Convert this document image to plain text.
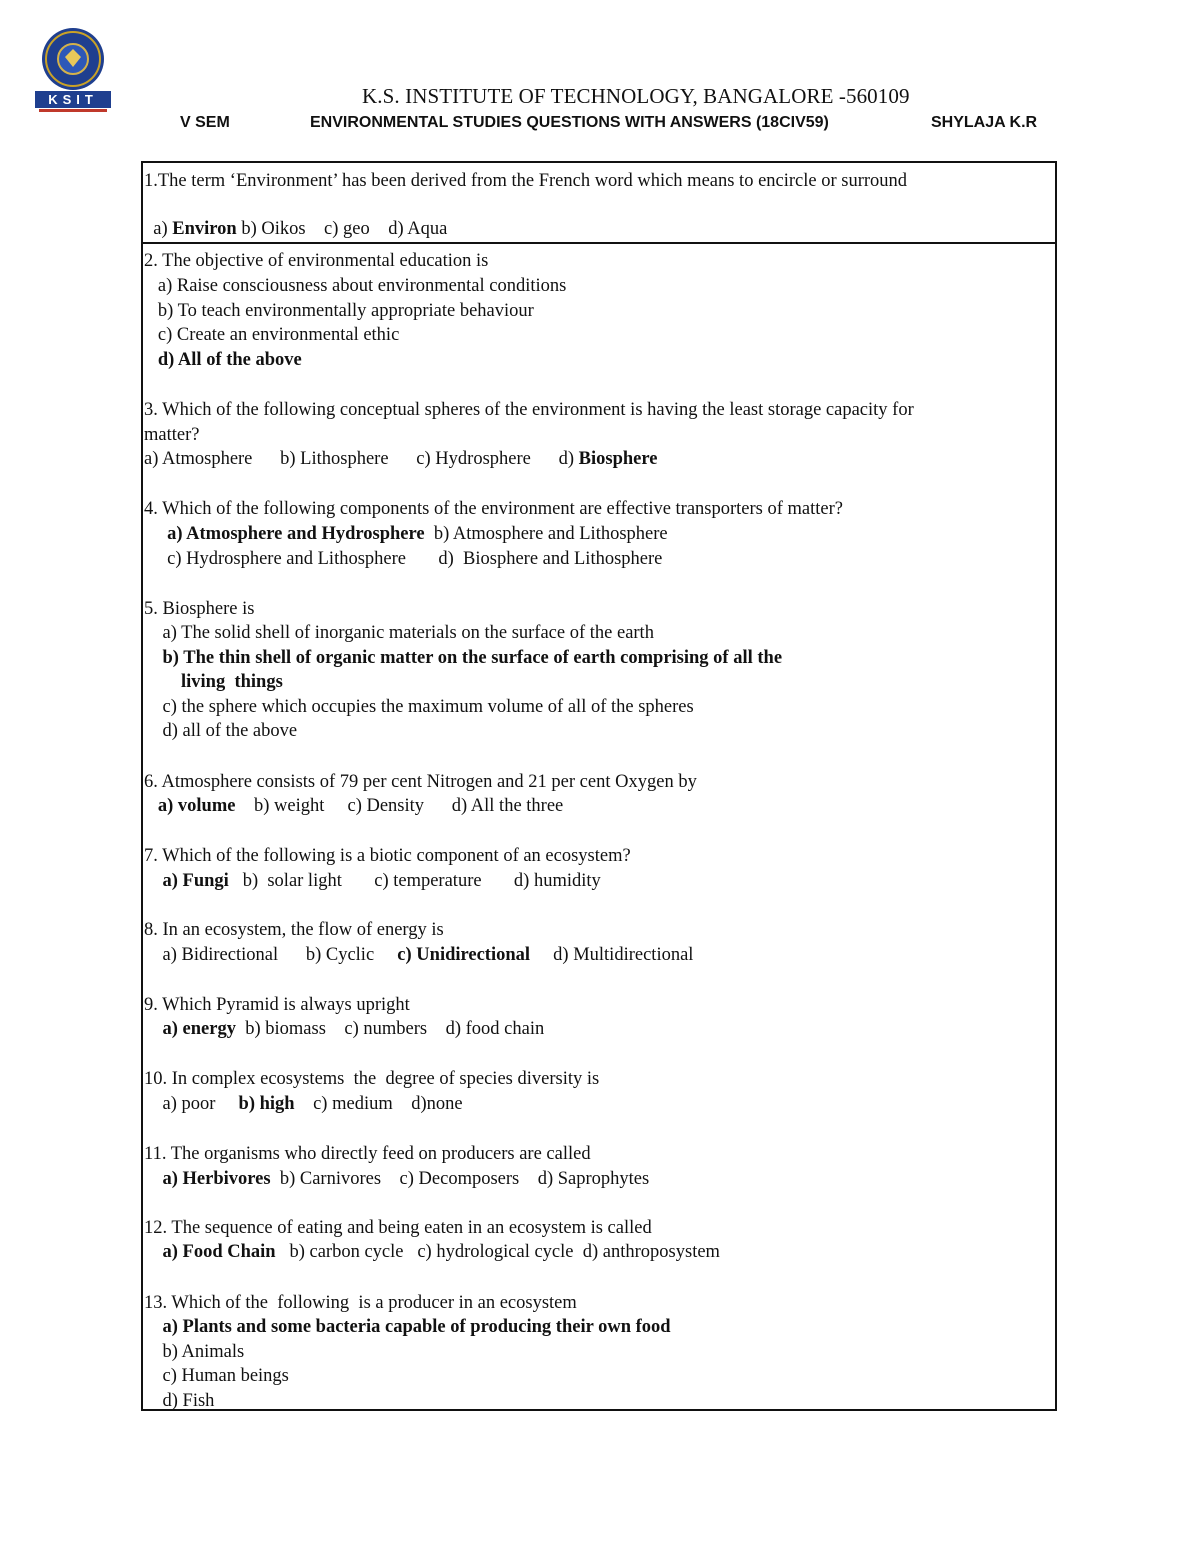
KSIT	K.S. INSTITUTE OF TECHNOLOGY, BANGALORE -560109
V SEM	ENVIRONMENTAL STUDIES QUESTIONS WITH ANSWERS (18CIV59)	SHYLAJA K.R
1.The term ‘Environment’ has been derived from the French word which means to encircle or surround
a) Environ b) Oikos    c) geo    d) Aqua
2. The objective of environmental education is
a) Raise consciousness about environmental conditions
b) To teach environmentally appropriate behaviour
c) Create an environmental ethic
d) All of the above
3. Which of the following conceptual spheres of the environment is having the least storage capacity for
matter?
a) Atmosphere      b) Lithosphere      c) Hydrosphere      d) Biosphere
4. Which of the following components of the environment are effective transporters of matter?
a) Atmosphere and Hydrosphere  b) Atmosphere and Lithosphere
c) Hydrosphere and Lithosphere       d)  Biosphere and Lithosphere
5. Biosphere is
a) The solid shell of inorganic materials on the surface of the earth
b) The thin shell of organic matter on the surface of earth comprising of all the
living  things
c) the sphere which occupies the maximum volume of all of the spheres
d) all of the above
6. Atmosphere consists of 79 per cent Nitrogen and 21 per cent Oxygen by
a) volume    b) weight     c) Density      d) All the three
7. Which of the following is a biotic component of an ecosystem?
a) Fungi   b)  solar light       c) temperature       d) humidity
8. In an ecosystem, the flow of energy is
a) Bidirectional      b) Cyclic     c) Unidirectional     d) Multidirectional
9. Which Pyramid is always upright
a) energy  b) biomass    c) numbers    d) food chain
10. In complex ecosystems  the  degree of species diversity is
a) poor     b) high    c) medium    d)none
11. The organisms who directly feed on producers are called
a) Herbivores  b) Carnivores    c) Decomposers    d) Saprophytes
12. The sequence of eating and being eaten in an ecosystem is called
a) Food Chain   b) carbon cycle   c) hydrological cycle  d) anthroposystem
13. Which of the  following  is a producer in an ecosystem
a) Plants and some bacteria capable of producing their own food
b) Animals
c) Human beings
d) Fish
